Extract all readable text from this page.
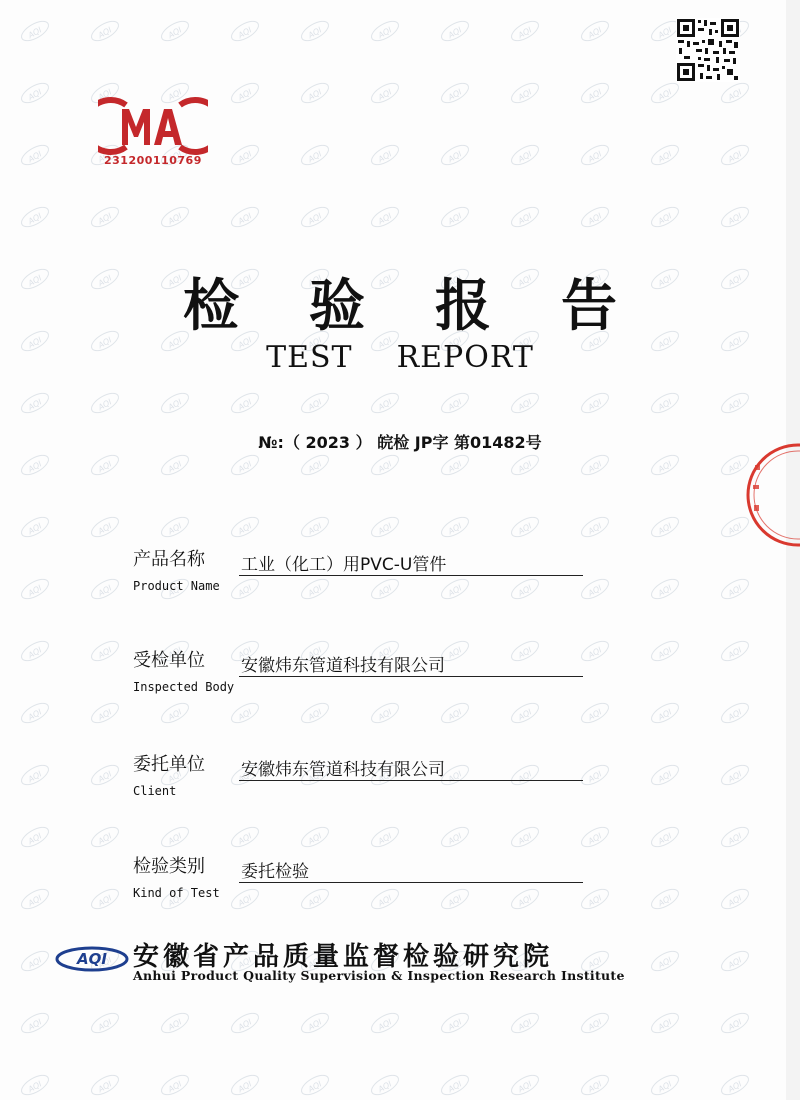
231200110769
检 验 报 告
TEST REPORT
№:（ 2023 ） 皖检 JP字 第01482号
产品名称
Product Name
工业（化工）用PVC-U管件
受检单位
Inspected Body
安徽炜东管道科技有限公司
委托单位
Client
安徽炜东管道科技有限公司
检验类别
Kind of Test
委托检验
AQI 安徽省产品质量监督检验研究院
Anhui Product Quality Supervision & Inspection Research Institute
